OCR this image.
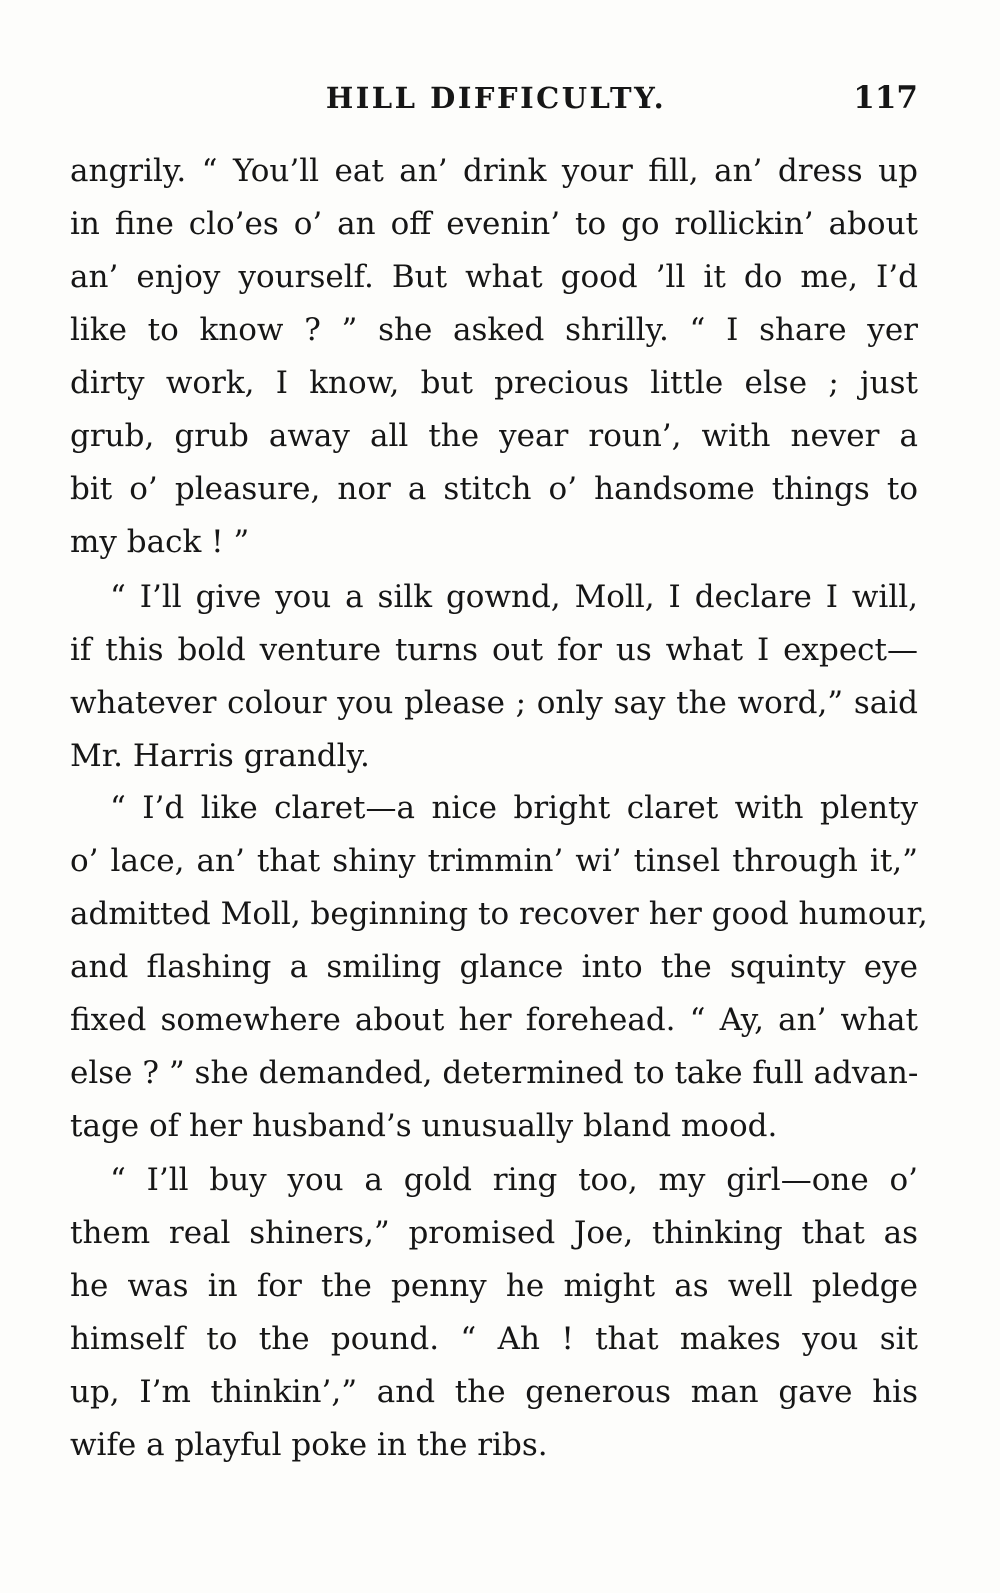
HILL DIFFICULTY.	117
angrily. “ You’ll eat an’ drink your fill, an’ dress up
in fine clo’es o’ an off evenin’ to go rollickin’ about
an’ enjoy yourself. But what good ’ll it do me, I’d
like to know ? ” she asked shrilly. “ I share yer
dirty work, I know, but precious little else ; just
grub, grub away all the year roun’, with never a
bit o’ pleasure, nor a stitch o’ handsome things to
my back ! ”
“ I’ll give you a silk gownd, Moll, I declare I will,
if this bold venture turns out for us what I expect—
whatever colour you please ; only say the word,” said
Mr. Harris grandly.
“ I’d like claret—a nice bright claret with plenty
o’ lace, an’ that shiny trimmin’ wi’ tinsel through it,”
admitted Moll, beginning to recover her good humour,
and flashing a smiling glance into the squinty eye
fixed somewhere about her forehead. “ Ay, an’ what
else ? ” she demanded, determined to take full advan-
tage of her husband’s unusually bland mood.
“ I’ll buy you a gold ring too, my girl—one o’
them real shiners,” promised Joe, thinking that as
he was in for the penny he might as well pledge
himself to the pound. “ Ah ! that makes you sit
up, I’m thinkin’,” and the generous man gave his
wife a playful poke in the ribs.
